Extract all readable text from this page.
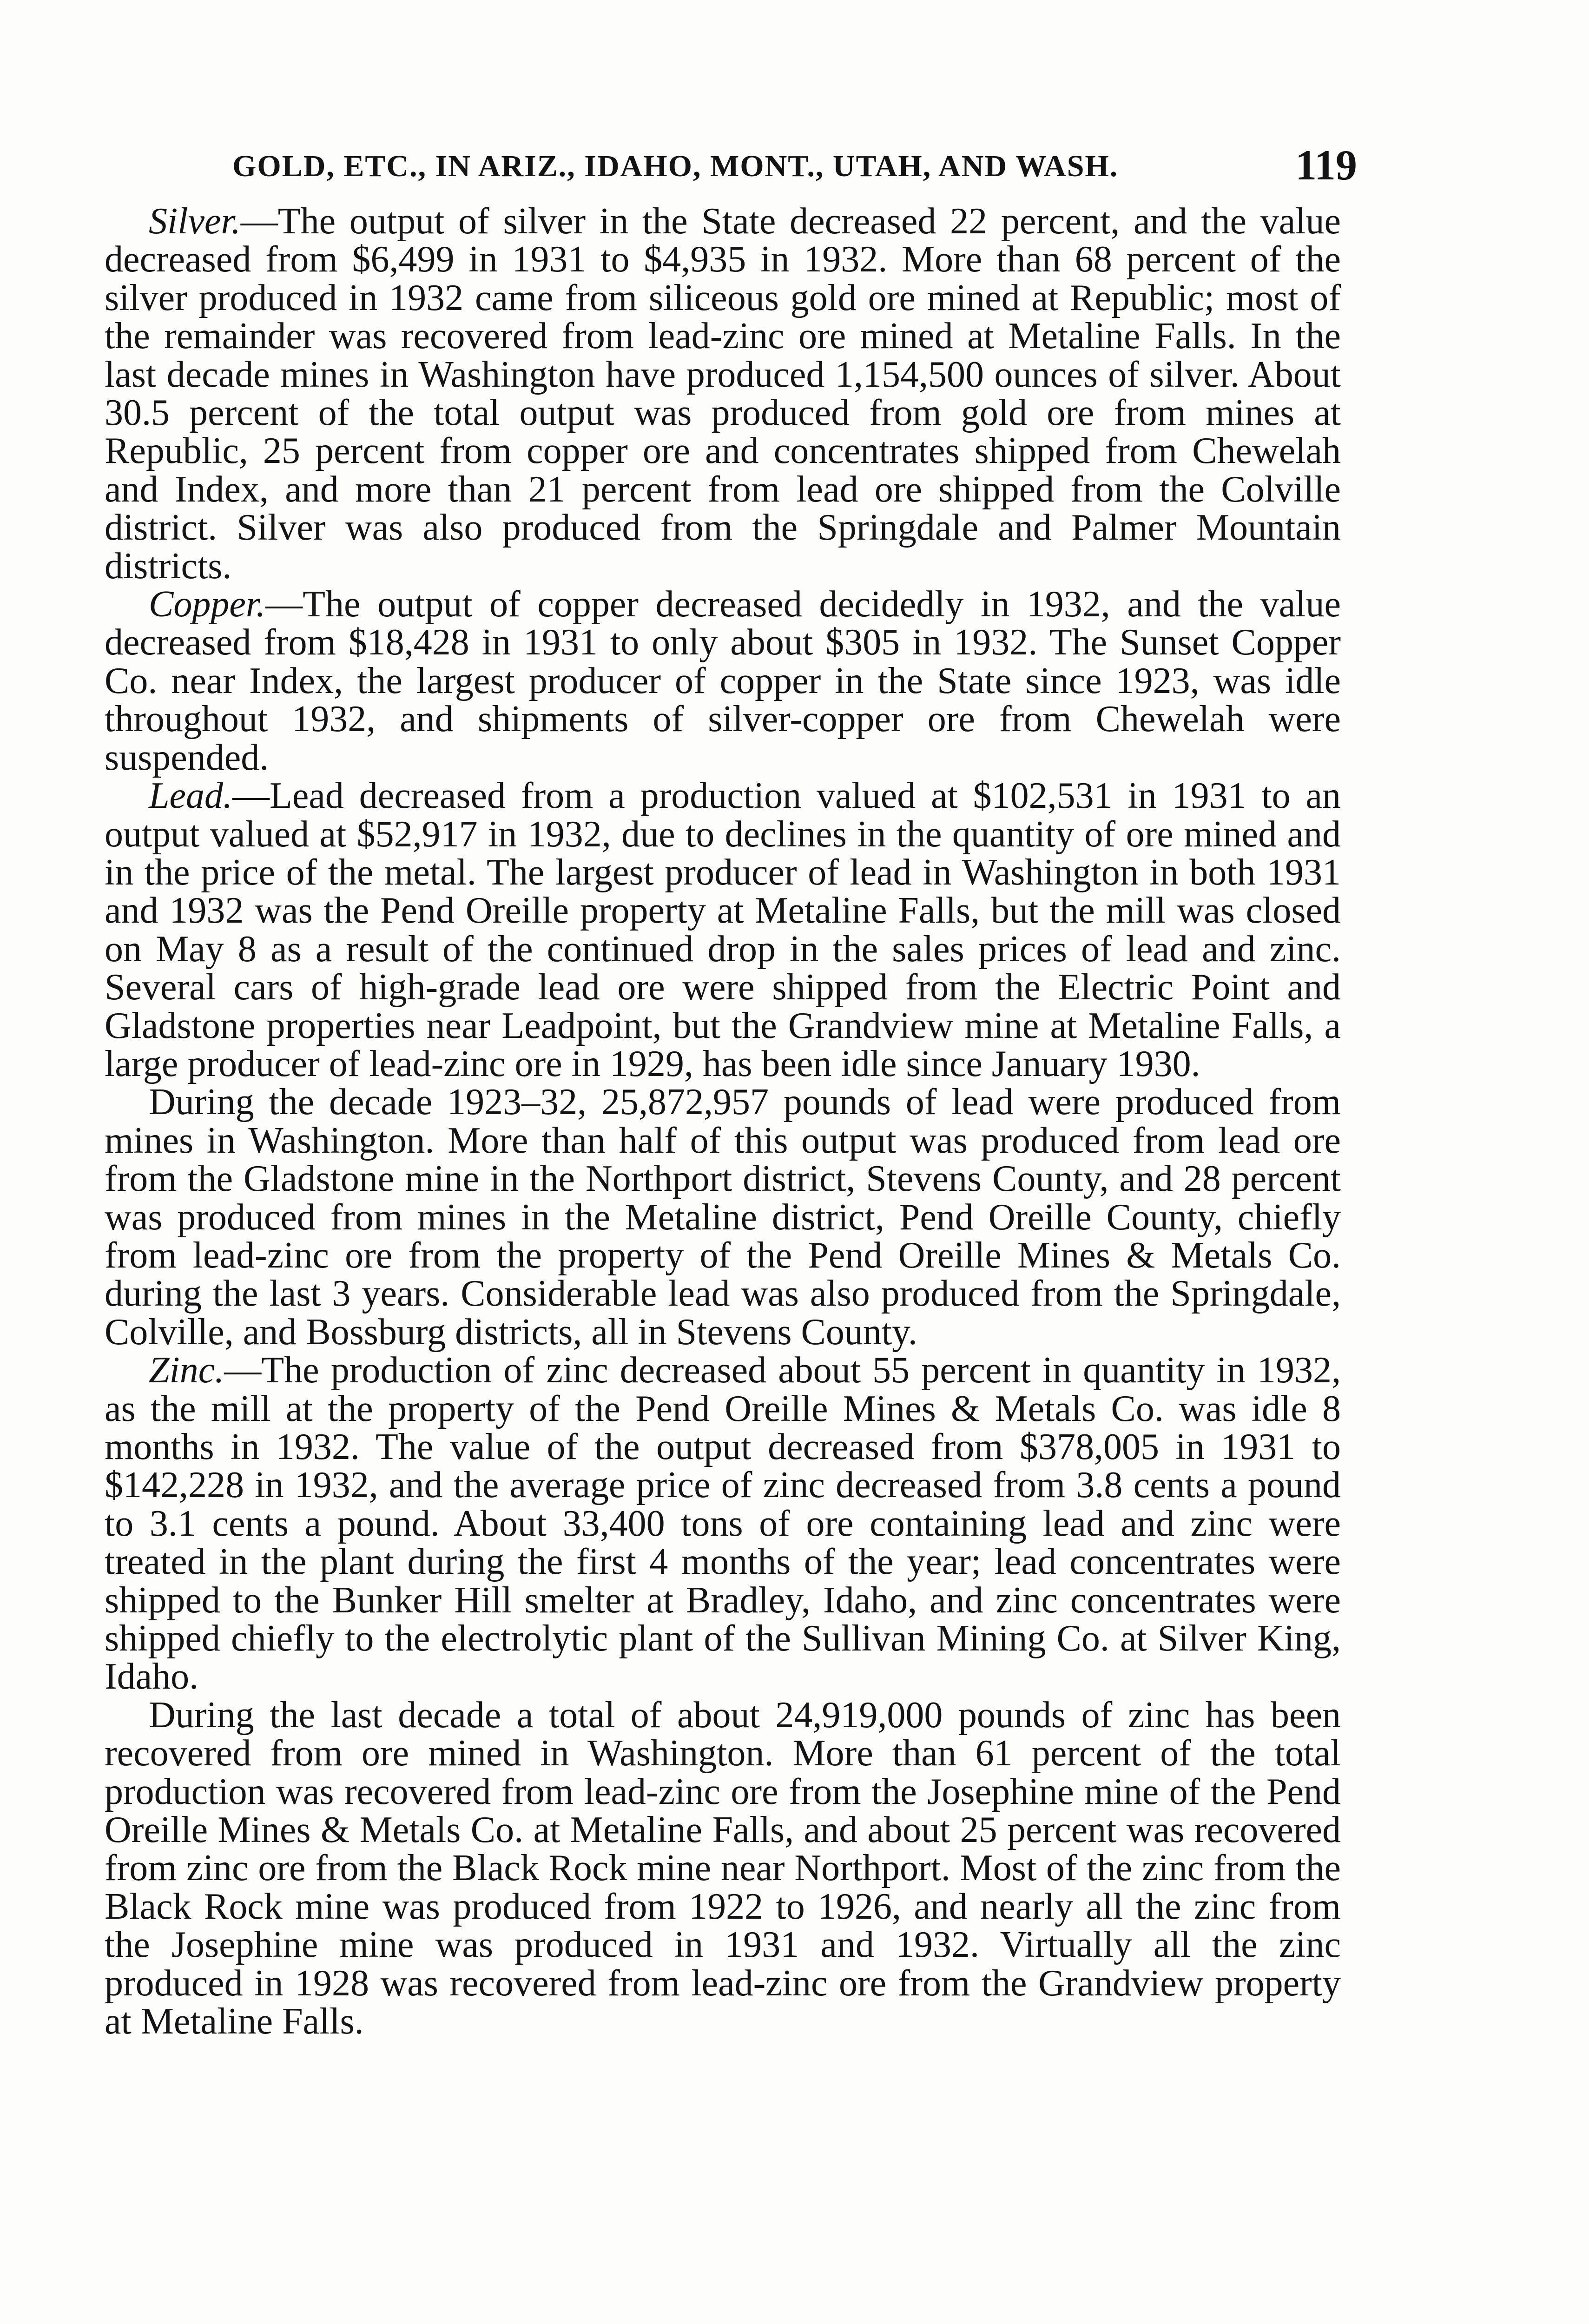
GOLD, ETC., IN ARIZ., IDAHO, MONT., UTAH, AND WASH.	119

Silver.—The output of silver in the State decreased 22 percent, and the value decreased from $6,499 in 1931 to $4,935 in 1932. More than 68 percent of the silver produced in 1932 came from siliceous gold ore mined at Republic; most of the remainder was recovered from lead-zinc ore mined at Metaline Falls. In the last decade mines in Washington have produced 1,154,500 ounces of silver. About 30.5 percent of the total output was produced from gold ore from mines at Republic, 25 percent from copper ore and concentrates shipped from Chewelah and Index, and more than 21 percent from lead ore shipped from the Colville district. Silver was also produced from the Springdale and Palmer Mountain districts.

Copper.—The output of copper decreased decidedly in 1932, and the value decreased from $18,428 in 1931 to only about $305 in 1932. The Sunset Copper Co. near Index, the largest producer of copper in the State since 1923, was idle throughout 1932, and shipments of silver-copper ore from Chewelah were suspended.

Lead.—Lead decreased from a production valued at $102,531 in 1931 to an output valued at $52,917 in 1932, due to declines in the quantity of ore mined and in the price of the metal. The largest producer of lead in Washington in both 1931 and 1932 was the Pend Oreille property at Metaline Falls, but the mill was closed on May 8 as a result of the continued drop in the sales prices of lead and zinc. Several cars of high-grade lead ore were shipped from the Electric Point and Gladstone properties near Leadpoint, but the Grandview mine at Metaline Falls, a large producer of lead-zinc ore in 1929, has been idle since January 1930.

During the decade 1923–32, 25,872,957 pounds of lead were produced from mines in Washington. More than half of this output was produced from lead ore from the Gladstone mine in the Northport district, Stevens County, and 28 percent was produced from mines in the Metaline district, Pend Oreille County, chiefly from lead-zinc ore from the property of the Pend Oreille Mines & Metals Co. during the last 3 years. Considerable lead was also produced from the Springdale, Colville, and Bossburg districts, all in Stevens County.

Zinc.—The production of zinc decreased about 55 percent in quantity in 1932, as the mill at the property of the Pend Oreille Mines & Metals Co. was idle 8 months in 1932. The value of the output decreased from $378,005 in 1931 to $142,228 in 1932, and the average price of zinc decreased from 3.8 cents a pound to 3.1 cents a pound. About 33,400 tons of ore containing lead and zinc were treated in the plant during the first 4 months of the year; lead concentrates were shipped to the Bunker Hill smelter at Bradley, Idaho, and zinc concentrates were shipped chiefly to the electrolytic plant of the Sullivan Mining Co. at Silver King, Idaho.

During the last decade a total of about 24,919,000 pounds of zinc has been recovered from ore mined in Washington. More than 61 percent of the total production was recovered from lead-zinc ore from the Josephine mine of the Pend Oreille Mines & Metals Co. at Metaline Falls, and about 25 percent was recovered from zinc ore from the Black Rock mine near Northport. Most of the zinc from the Black Rock mine was produced from 1922 to 1926, and nearly all the zinc from the Josephine mine was produced in 1931 and 1932. Virtually all the zinc produced in 1928 was recovered from lead-zinc ore from the Grandview property at Metaline Falls.
